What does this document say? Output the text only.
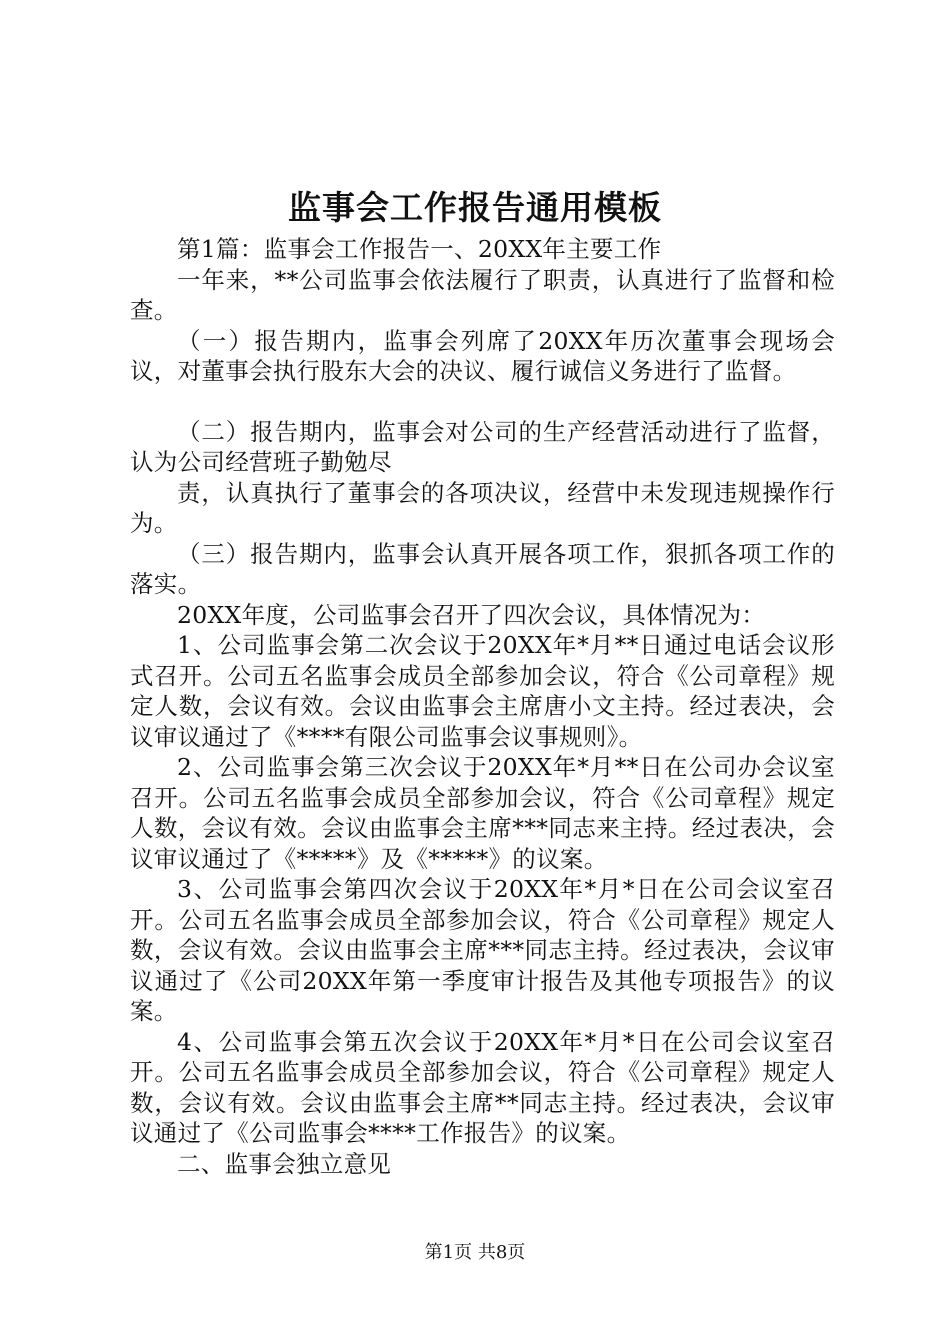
监事会工作报告通用模板

第1篇：监事会工作报告一、20XX年主要工作

一年来，**公司监事会依法履行了职责，认真进行了监督和检查。

（一）报告期内，监事会列席了20XX年历次董事会现场会议，对董事会执行股东大会的决议、履行诚信义务进行了监督。

（二）报告期内，监事会对公司的生产经营活动进行了监督，认为公司经营班子勤勉尽

责，认真执行了董事会的各项决议，经营中未发现违规操作行为。

（三）报告期内，监事会认真开展各项工作，狠抓各项工作的落实。

20XX年度，公司监事会召开了四次会议，具体情况为：

1、公司监事会第二次会议于20XX年*月**日通过电话会议形式召开。公司五名监事会成员全部参加会议，符合《公司章程》规定人数，会议有效。会议由监事会主席唐小文主持。经过表决，会议审议通过了《****有限公司监事会议事规则》。

2、公司监事会第三次会议于20XX年*月**日在公司办会议室召开。公司五名监事会成员全部参加会议，符合《公司章程》规定人数，会议有效。会议由监事会主席***同志来主持。经过表决，会议审议通过了《*****》及《*****》的议案。

3、公司监事会第四次会议于20XX年*月*日在公司会议室召开。公司五名监事会成员全部参加会议，符合《公司章程》规定人数，会议有效。会议由监事会主席***同志主持。经过表决，会议审议通过了《公司20XX年第一季度审计报告及其他专项报告》的议案。

4、公司监事会第五次会议于20XX年*月*日在公司会议室召开。公司五名监事会成员全部参加会议，符合《公司章程》规定人数，会议有效。会议由监事会主席**同志主持。经过表决，会议审议通过了《公司监事会****工作报告》的议案。

二、监事会独立意见

第1页 共8页
